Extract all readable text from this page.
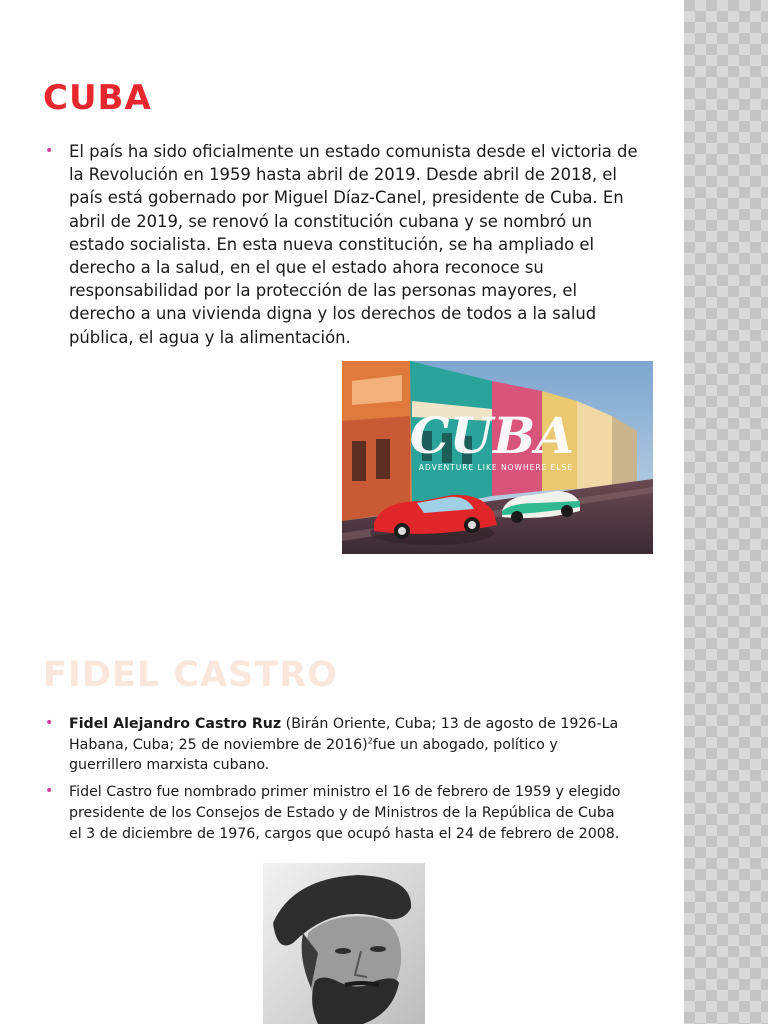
CUBA
• El país ha sido oficialmente un estado comunista desde el victoria de la Revolución en 1959 hasta abril de 2019. Desde abril de 2018, el país está gobernado por Miguel Díaz-Canel, presidente de Cuba. En abril de 2019, se renovó la constitución cubana y se nombró un estado socialista. En esta nueva constitución, se ha ampliado el derecho a la salud, en el que el estado ahora reconoce su responsabilidad por la protección de las personas mayores, el derecho a una vivienda digna y los derechos de todos a la salud pública, el agua y la alimentación.
CUBA
ADVENTURE LIKE NOWHERE ELSE
FIDEL CASTRO
• Fidel Alejandro Castro Ruz (Birán Oriente, Cuba; 13 de agosto de 1926-La Habana, Cuba; 25 de noviembre de 2016)$^2$fue un abogado, político y guerrillero marxista cubano.
• Fidel Castro fue nombrado primer ministro el 16 de febrero de 1959 y elegido presidente de los Consejos de Estado y de Ministros de la República de Cuba el 3 de diciembre de 1976, cargos que ocupó hasta el 24 de febrero de 2008.
